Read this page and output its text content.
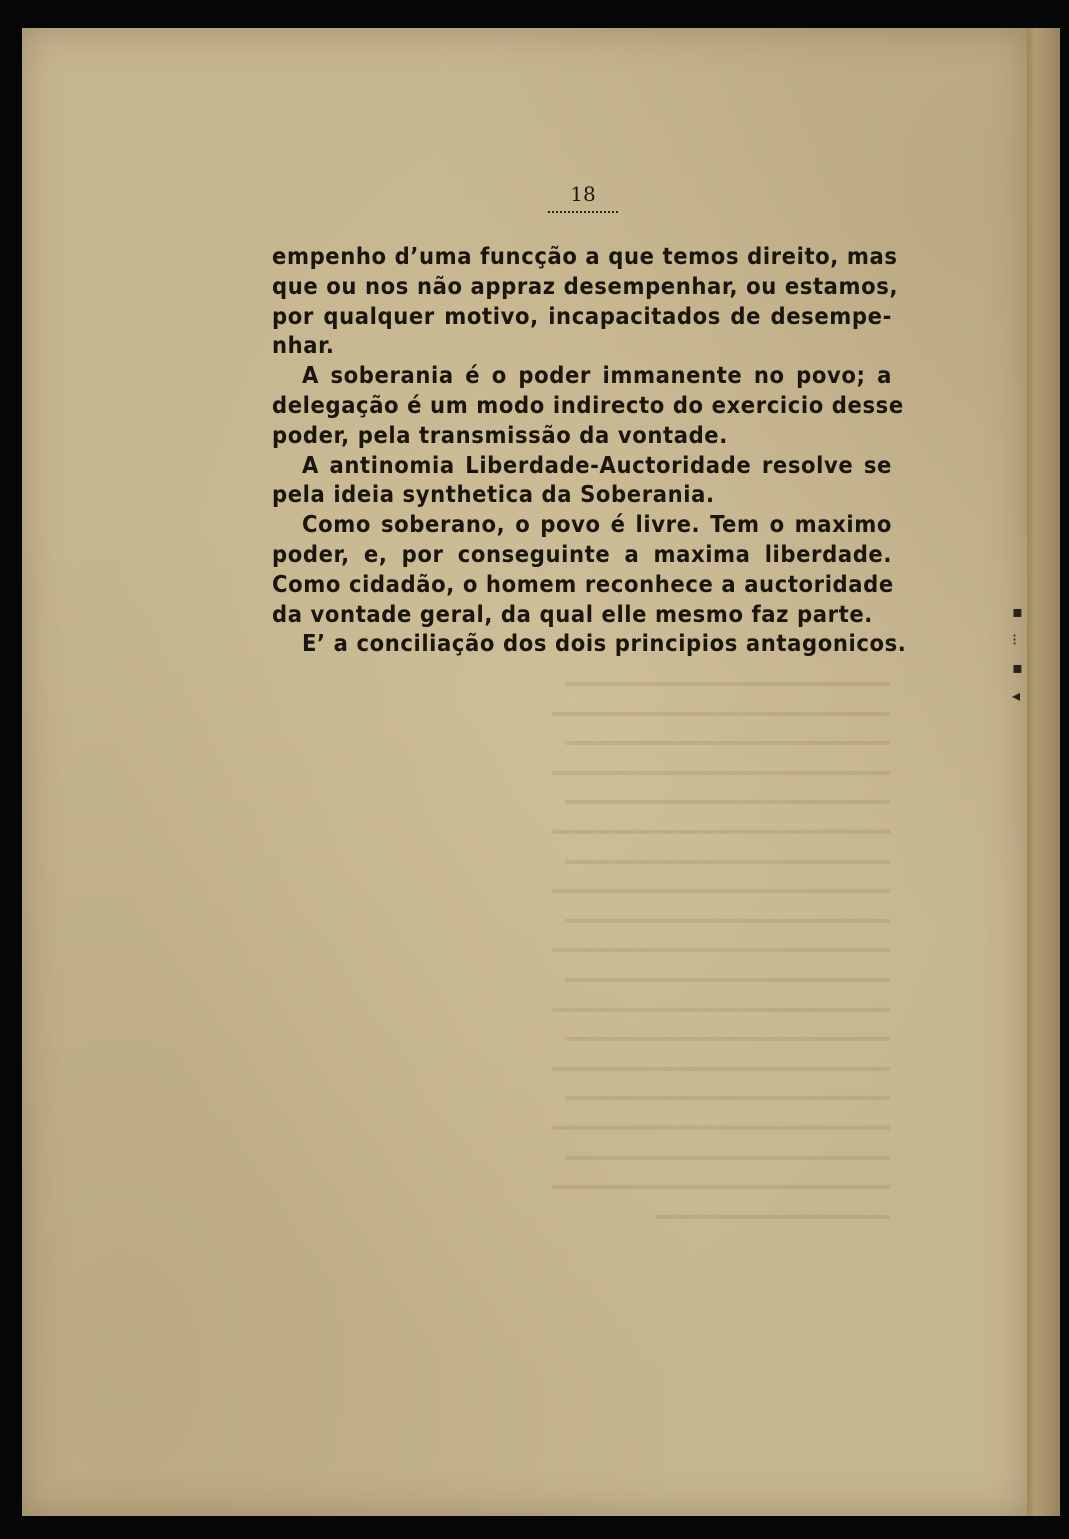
▪
⁝
▪
◂
━━━━━━━━━━━━━━━━━━━━━━━━━
━━━━━━━━━━━━━━━━━━━━━━━━━━
━━━━━━━━━━━━━━━━━━━━━━━━━
━━━━━━━━━━━━━━━━━━━━━━━━━━
━━━━━━━━━━━━━━━━━━━━━━━━━
━━━━━━━━━━━━━━━━━━━━━━━━━━
━━━━━━━━━━━━━━━━━━━━━━━━━
━━━━━━━━━━━━━━━━━━━━━━━━━━
━━━━━━━━━━━━━━━━━━━━━━━━━
━━━━━━━━━━━━━━━━━━━━━━━━━━
━━━━━━━━━━━━━━━━━━━━━━━━━
━━━━━━━━━━━━━━━━━━━━━━━━━━
━━━━━━━━━━━━━━━━━━━━━━━━━
━━━━━━━━━━━━━━━━━━━━━━━━━━
━━━━━━━━━━━━━━━━━━━━━━━━━
━━━━━━━━━━━━━━━━━━━━━━━━━━
━━━━━━━━━━━━━━━━━━━━━━━━━
━━━━━━━━━━━━━━━━━━━━━━━━━━
━━━━━━━━━━━━━━━━━━
18
empenho d’uma funcção a que temos direito, mas
que ou nos não appraz desempenhar, ou estamos,
por qualquer motivo, incapacitados de desempe-
nhar.
A soberania é o poder immanente no povo; a
delegação é um modo indirecto do exercicio desse
poder, pela transmissão da vontade.
A antinomia Liberdade-Auctoridade resolve se
pela ideia synthetica da Soberania.
Como soberano, o povo é livre. Tem o maximo
poder, e, por conseguinte a maxima liberdade.
Como cidadão, o homem reconhece a auctoridade
da vontade geral, da qual elle mesmo faz parte.
E’ a conciliação dos dois principios antagonicos.
